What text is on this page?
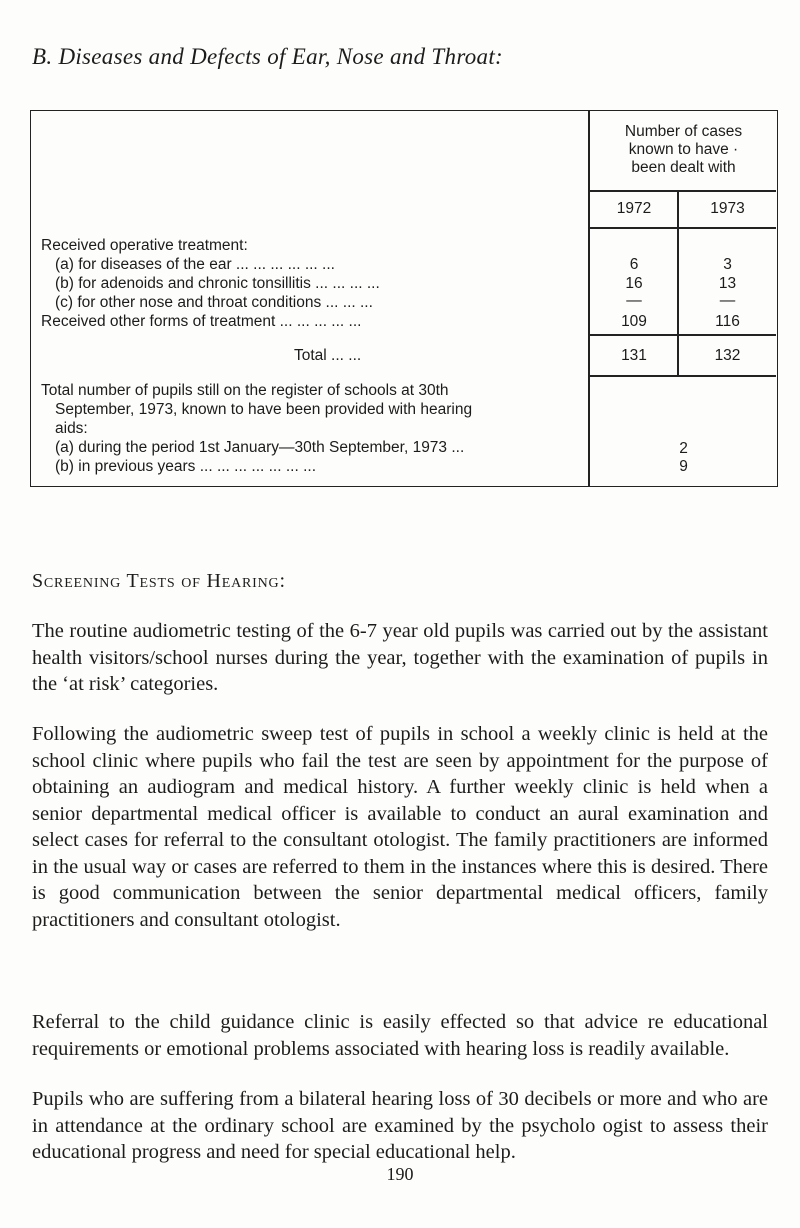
B. Diseases and Defects of Ear, Nose and Throat:
Number of cases
known to have ·
been dealt with
1972	1973
Received operative treatment:
(a) for diseases of the ear ... ... ... ... ... ...	6	3
(b) for adenoids and chronic tonsillitis ... ... ... ...	16	13
(c) for other nose and throat conditions ... ... ...	—	—
Received other forms of treatment ... ... ... ... ...	109	116
Total ... ...	131	132
Total number of pupils still on the register of schools at 30th
September, 1973, known to have been provided with hearing
aids:
(a) during the period 1st January—30th September, 1973 ...	2
(b) in previous years ... ... ... ... ... ... ...	9
Screening Tests of Hearing:

The routine audiometric testing of the 6-7 year old pupils was carried out by the assistant health visitors/school nurses during the year, together with the examination of pupils in the ‘at risk’ categories.

Following the audiometric sweep test of pupils in school a weekly clinic is held at the school clinic where pupils who fail the test are seen by appointment for the purpose of obtaining an audiogram and medical history. A further weekly clinic is held when a senior departmental medical officer is available to conduct an aural examination and select cases for referral to the consultant otologist. The family practitioners are informed in the usual way or cases are referred to them in the instances where this is desired. There is good communication between the senior departmental medical officers, family practitioners and consultant otologist.

Referral to the child guidance clinic is easily effected so that advice re educational requirements or emotional problems associated with hearing loss is readily available.

Pupils who are suffering from a bilateral hearing loss of 30 decibels or more and who are in attendance at the ordinary school are examined by the psycholo ogist to assess their educational progress and need for special educational help.

190
